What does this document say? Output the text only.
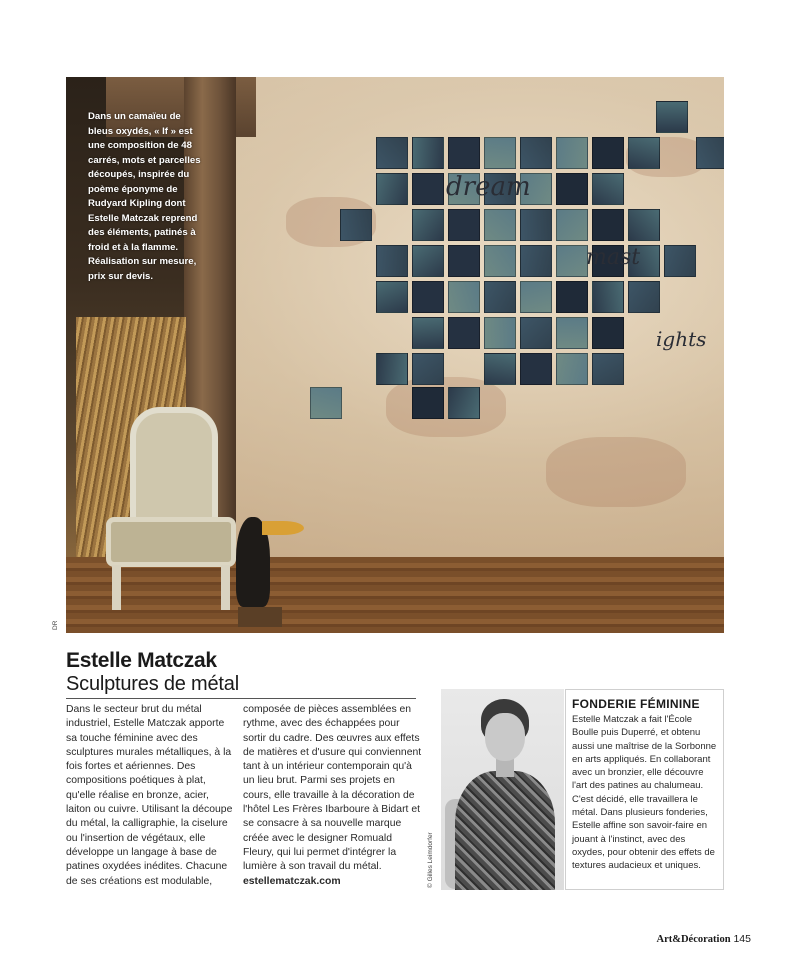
dream
mast
ights

Dans un camaïeu de bleus oxydés, « If » est une composition de 48 carrés, mots et parcelles découpés, inspirée du poème éponyme de Rudyard Kipling dont Estelle Matczak reprend des éléments, patinés à froid et à la flamme. Réalisation sur mesure, prix sur devis.

DR
Estelle Matczak
Sculptures de métal

Dans le secteur brut du métal industriel, Estelle Matczak apporte sa touche féminine avec des sculptures murales métalliques, à la fois fortes et aériennes. Des compositions poétiques à plat, qu'elle réalise en bronze, acier, laiton ou cuivre. Utilisant la découpe du métal, la calligraphie, la ciselure ou l'insertion de végétaux, elle développe un langage à base de patines oxydées inédites. Chacune de ses créations est modulable,

composée de pièces assemblées en rythme, avec des échappées pour sortir du cadre. Des œuvres aux effets de matières et d'usure qui conviennent tant à un intérieur contemporain qu'à un lieu brut. Parmi ses projets en cours, elle travaille à la décoration de l'hôtel Les Frères Ibarboure à Bidart et se consacre à sa nouvelle marque créée avec le designer Romuald Fleury, qui lui permet d'intégrer la lumière à son travail du métal. estellematczak.com	© Gilles Leimdorfer
FONDERIE FÉMININE

Estelle Matczak a fait l'École Boulle puis Duperré, et obtenu aussi une maîtrise de la Sorbonne en arts appliqués. En collaborant avec un bronzier, elle découvre l'art des patines au chalumeau. C'est décidé, elle travaillera le métal. Dans plusieurs fonderies, Estelle affine son savoir-faire en jouant à l'instinct, avec des oxydes, pour obtenir des effets de textures audacieux et uniques.

Art&Décoration 145
